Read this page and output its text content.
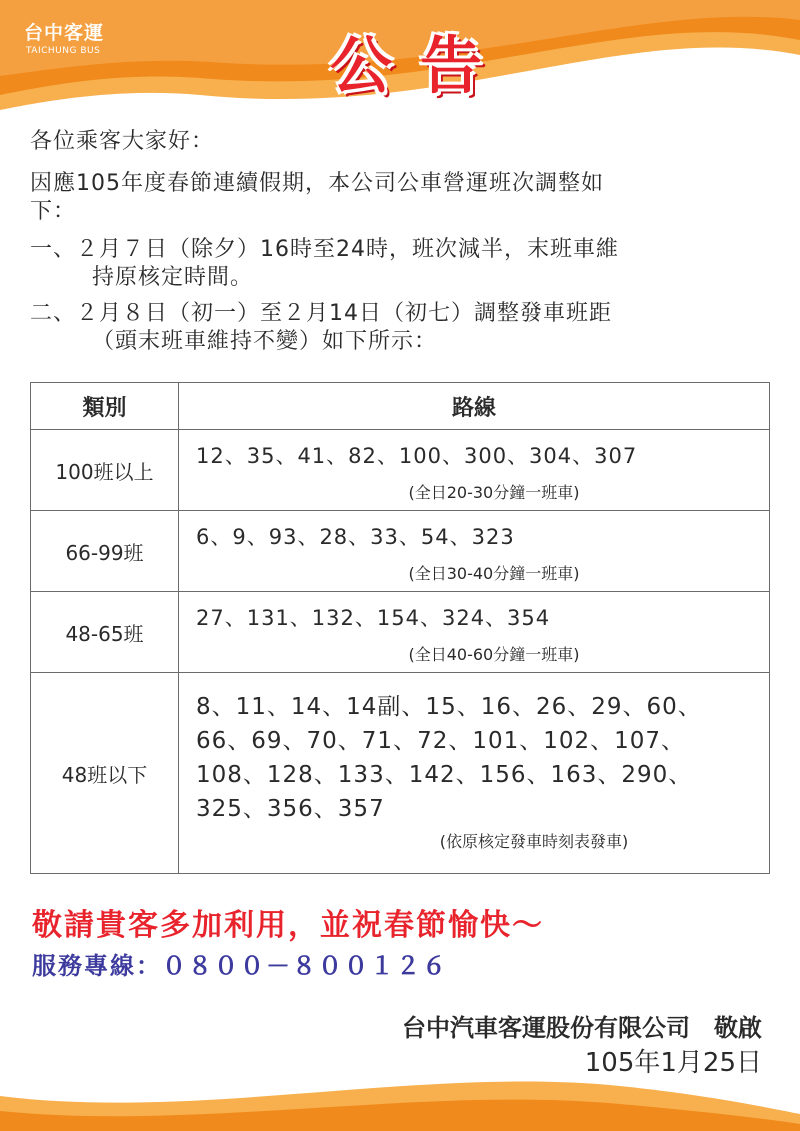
台中客運
TAICHUNG BUS	公告
各位乘客大家好：
因應105年度春節連續假期，本公司公車營運班次調整如
下：
一、２月７日（除夕）16時至24時，班次減半，末班車維
持原核定時間。
二、２月８日（初一）至２月14日（初七）調整發車班距
（頭末班車維持不變）如下所示：
類別	路線
100班以上	12、35、41、82、100、300、304、307
(全日20-30分鐘一班車)

66-99班	6、9、93、28、33、54、323
(全日30-40分鐘一班車)

48-65班	27、131、132、154、324、354
(全日40-60分鐘一班車)

48班以下	8、11、14、14副、15、16、26、29、60、
66、69、70、71、72、101、102、107、
108、128、133、142、156、163、290、
325、356、357
(依原核定發車時刻表發車)
敬請貴客多加利用，並祝春節愉快～
服務專線：０８００－８００１２６
台中汽車客運股份有限公司　敬啟
105年1月25日
